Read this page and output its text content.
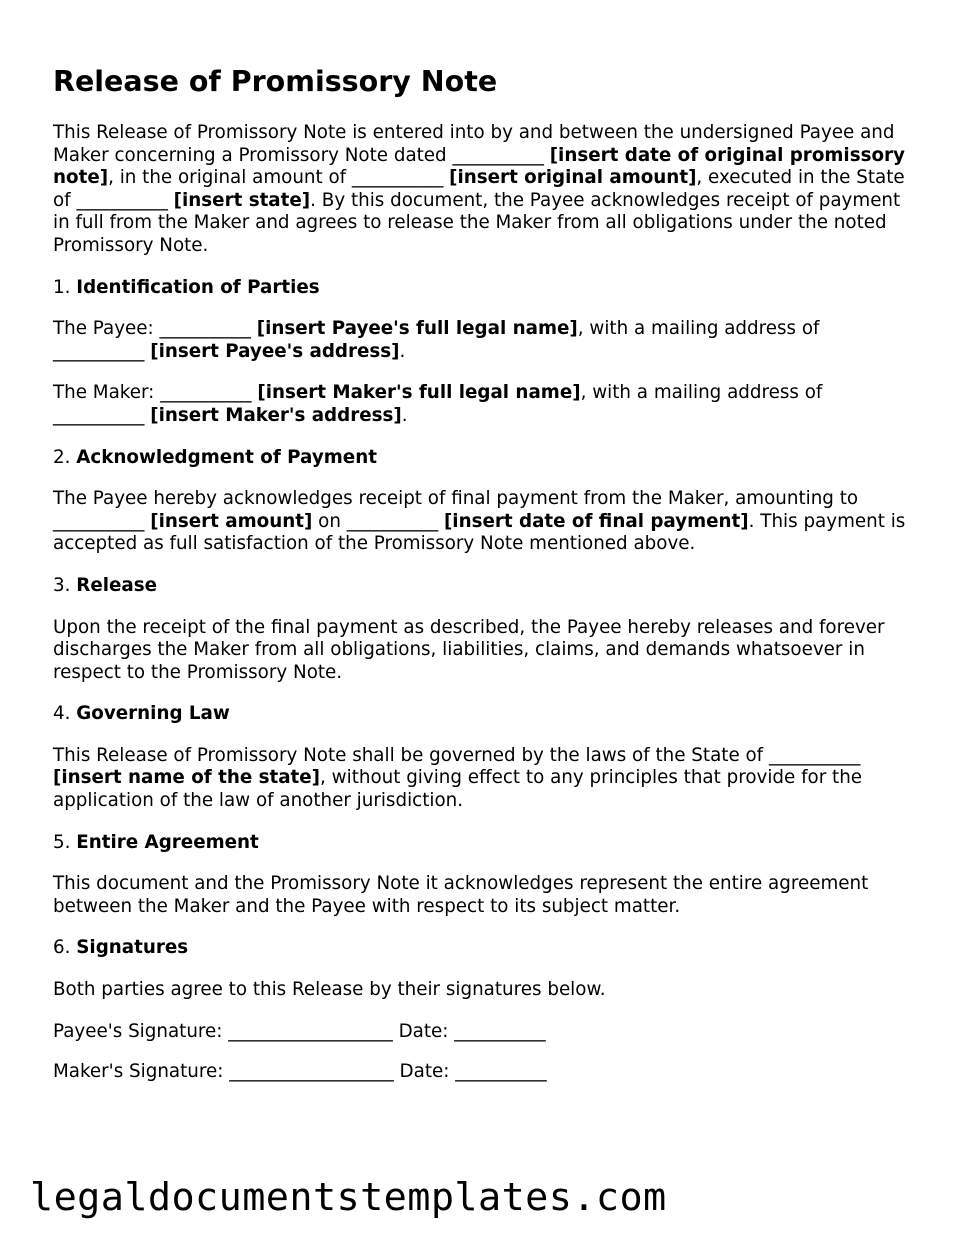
Release of Promissory Note

This Release of Promissory Note is entered into by and between the undersigned Payee and Maker concerning a Promissory Note dated __________ [insert date of original promissory note], in the original amount of __________ [insert original amount], executed in the State of __________ [insert state]. By this document, the Payee acknowledges receipt of payment in full from the Maker and agrees to release the Maker from all obligations under the noted Promissory Note.

1. Identification of Parties

The Payee: __________ [insert Payee's full legal name], with a mailing address of __________ [insert Payee's address].

The Maker: __________ [insert Maker's full legal name], with a mailing address of __________ [insert Maker's address].

2. Acknowledgment of Payment

The Payee hereby acknowledges receipt of final payment from the Maker, amounting to __________ [insert amount] on __________ [insert date of final payment]. This payment is accepted as full satisfaction of the Promissory Note mentioned above.

3. Release

Upon the receipt of the final payment as described, the Payee hereby releases and forever discharges the Maker from all obligations, liabilities, claims, and demands whatsoever in respect to the Promissory Note.

4. Governing Law

This Release of Promissory Note shall be governed by the laws of the State of __________ [insert name of the state], without giving effect to any principles that provide for the application of the law of another jurisdiction.

5. Entire Agreement

This document and the Promissory Note it acknowledges represent the entire agreement between the Maker and the Payee with respect to its subject matter.

6. Signatures

Both parties agree to this Release by their signatures below.

Payee's Signature: __________________ Date: __________

Maker's Signature: __________________ Date: __________

legaldocumentstemplates.com
